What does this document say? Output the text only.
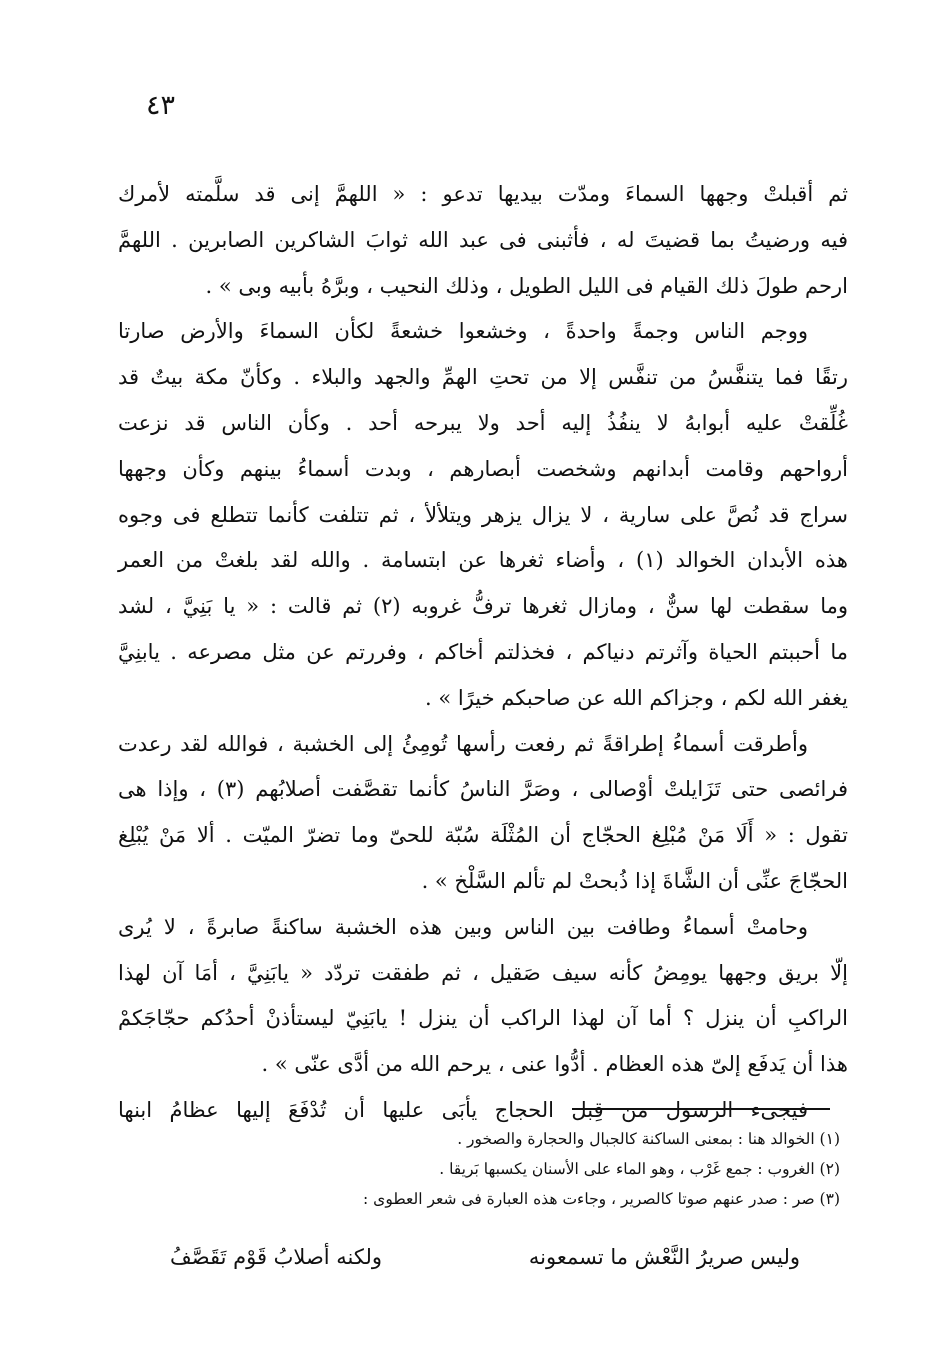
٤٣
ثم أقبلتْ وجهها السماءَ ومدّت بيديها تدعو : « اللهمَّ إنى قد سلَّمته لأمرك
فيه ورضيتُ بما قضيتَ له ، فأثبنى فى عبد الله ثوابَ الشاكرين الصابرين . اللهمَّ
ارحم طولَ ذلك القيام فى الليل الطويل ، وذلك النحيب ، وبرَّهُ بأبيه وبى » .
ووجم الناس وجمةً واحدةً ، وخشعوا خشعةً لكأن السماءَ والأرض صارتا
رتقًا فما يتنفَّسُ من تنفَّس إلا من تحتِ الهمِّ والجهد والبلاء . وكأنّ مكة بيتٌ قد
غُلِّقتْ عليه أبوابهُ لا ينفُذُ إليه أحد ولا يبرحه أحد . وكأن الناس قد نزعت
أرواحهم وقامت أبدانهم وشخصت أبصارهم ، وبدت أسماءُ بينهم وكأن وجهها
سراج قد نُصَّ على سارية ، لا يزال يزهر ويتلألأ ، ثم تتلفت كأنما تتطلع فى وجوه
هذه الأبدان الخوالد (١) ، وأضاء ثغرها عن ابتسامة . والله لقد بلغتْ من العمر
وما سقطت لها سنٌّ ، ومازال ثغرها ترفُّ غروبه (٢) ثم قالت : « يا بَنِيَّ ، لشد
ما أحببتم الحياة وآثرتم دنياكم ، فخذلتم أخاكم ، وفررتم عن مثل مصرعه . يابنِيَّ
يغفر الله لكم ، وجزاكم الله عن صاحبكم خيرًا » .
وأطرقت أسماءُ إطراقةً ثم رفعت رأسها تُومِئُ إلى الخشبة ، فوالله لقد رعدت
فرائصى حتى تَزَايلتْ أوْصالى ، وصَرَّ الناسُ كأنما تقصَّفت أصلابُهم (٣) ، وإذا هى
تقول : « أَلَا مَنْ مُبْلِغ الحجّاج أن المُثْلَة سُبّة للحىّ وما تضرّ الميّت . ألا مَنْ يُبْلِغ
الحجّاجَ عنِّى أن الشَّاةَ إذا ذُبحتْ لم تألم السَّلْخ » .
وحامتْ أسماءُ وطافت بين الناس وبين هذه الخشبة ساكنةً صابرةً ، لا يُرى
إلّا بريق وجهها يومِضُ كأنه سيف صَقيل ، ثم طفقت تردّد « يابَنِيَّ ، أمَا آن لهذا
الراكبِ أن ينزل ؟ أما آن لهذا الراكب أن ينزل ! يابَنِيّ ليستأذنْ أحدُكم حجّاجَكمْ
هذا أن يَدفَع إلىّ هذه العظام . أدُّوا عنى ، يرحم الله من أدَّى عنّى » .
فيجىء الرسول من قِبل الحجاج يأبَى عليها أن تُدْفَعَ إليها عظامُ ابنها
(١) الخوالد هنا : بمعنى الساكنة كالجبال والحجارة والصخور .
(٢) الغروب : جمع غَرْب ، وهو الماء على الأسنان يكسبها بَريقا .
(٣) صر : صدر عنهم صوتا كالصرير ، وجاءت هذه العبارة فى شعر العطوى :
وليس صريرُ النَّعْش ما تسمعونه
ولكنه أصلابُ قَوْم تَقَصَّفُ
